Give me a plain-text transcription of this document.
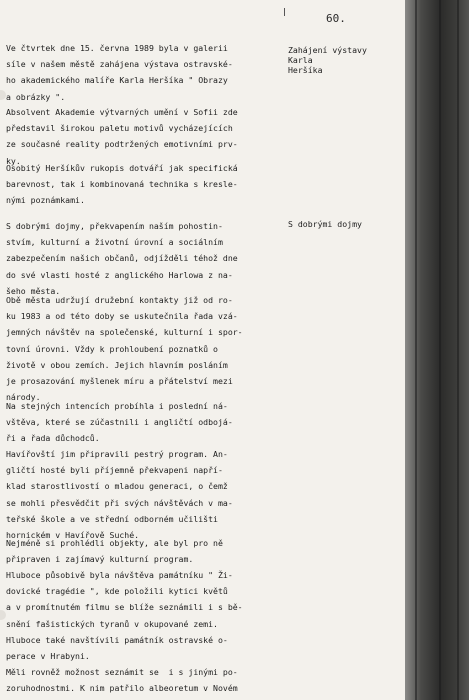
60.
Zahájení výstavy
Karla
Heršíka
S dobrými dojmy
Ve čtvrtek dne 15. června 1989 byla v galerii
síle v našem městě zahájena výstava ostravské-
ho akademického malíře Karla Heršíka " Obrazy
a obrázky ".
Absolvent Akademie výtvarných umění v Sofii zde
představil širokou paletu motivů vycházejících
ze současné reality podtržených emotivními prv-
ky.
Osobitý Heršíkův rukopis dotváří jak specifická
barevnost, tak i kombinovaná technika s kresle-
nými poznámkami.
S dobrými dojmy, překvapením naším pohostin-
stvím, kulturní a životní úrovní a sociálním
zabezpečením našich občanů, odjížděli téhož dne
do své vlasti hosté z anglického Harlowa z na-
šeho města.
Obě města udržují družební kontakty již od ro-
ku 1983 a od této doby se uskutečnila řada vzá-
jemných návštěv na společenské, kulturní i spor-
tovní úrovni. Vždy k prohloubení poznatků o
životě v obou zemích. Jejich hlavním posláním
je prosazování myšlenek míru a přátelství mezi
národy.
Na stejných intencích probíhla i poslední ná-
vštěva, které se zúčastnili i angličtí odbojá-
ři a řada důchodců.
Havířovští jim připravili pestrý program. An-
gličtí hosté byli příjemně překvapeni napří-
klad starostlivostí o mladou generaci, o čemž
se mohli přesvědčit při svých návštěvách v ma-
teřské škole a ve střední odborném učilišti
hornickém v Havířově Suché.
Nejméně si prohlédli objekty, ale byl pro ně
připraven i zajímavý kulturní program.
Hluboce působivě byla návštěva památníku " Ži-
dovické tragédie ", kde položili kytici květů
a v promítnutém filmu se blíže seznámili i s bě-
snění fašistických tyranů v okupované zemi.
Hluboce také navštívili památník ostravské o-
perace v Hrabyni.
Měli rovněž možnost seznámit se  i s jinými po-
zoruhodnostmi. K nim patřilo albeoretum v Novém
